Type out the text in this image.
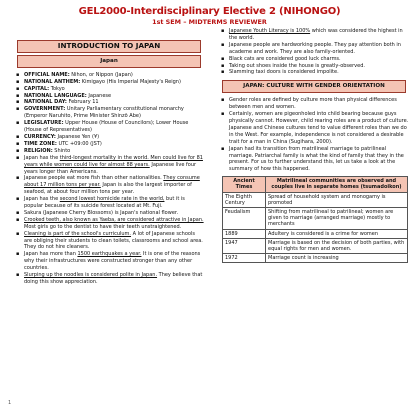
GEL2000-Interdisciplinary Elective 2 (NIHONGO)
1st SEM – MIDTERMS REVIEWER
INTRODUCTION TO JAPAN
Japan
▪ OFFICIAL NAME: Nihon, or Nippon (Japan)
▪ NATIONAL ANTHEM: Kimigayo (His Imperial Majesty's Reign)
▪ CAPITAL: Tokyo
▪ NATIONAL LANGUAGE: Japanese
▪ NATIONAL DAY: February 11
▪ GOVERNMENT: Unitary Parliamentary constitutional monarchy (Emperor Naruhito, Prime Minister Shinzō Abe)
▪ LEGISLATURE: Upper House (House of Councilors); Lower House (House of Representatives)
▪ CURRENCY: Japanese Yen (¥)
▪ TIME ZONE: UTC +09:00 (JST)
▪ RELIGION: Shinto
▪ Japan has the third-longest mortality in the world. Men could live for 81 years while women could live for almost 88 years. Japanese live four years longer than Americans.
▪ Japanese people eat more fish than other nationalities. They consume about 17 million tons per year. Japan is also the largest importer of seafood, at about four million tons per year.
▪ Japan has the second lowest homicide rate in the world, but it is popular because of its suicide forest located at Mt. Fuji.
▪ Sakura (Japanese Cherry Blossoms) is Japan's national flower.
▪ Crooked teeth, also known as Yaeba, are considered attractive in Japan. Most girls go to the dentist to have their teeth unstraightened.
▪ Cleaning is part of the school's curriculum. A lot of Japanese schools are obliging their students to clean toilets, classrooms and school area. They do not hire cleaners.
▪ Japan has more than 1500 earthquakes a year. It is one of the reasons why their infrastructures were constructed stronger than any other countries.
▪ Slurping up the noodles is considered polite in Japan. They believe that doing this show appreciation.
▪ Japanese Youth Literacy is 100% which was considered the highest in the world.
▪ Japanese people are hardworking people. They pay attention both in academe and work. They are also family-oriented.
▪ Black cats are considered good luck charms.
▪ Taking out shoes inside the house is greatly-observed.
▪ Slamming taxi doors is considered impolite.
JAPAN: CULTURE WITH GENDER ORIENTATION
▪ Gender roles are defined by culture more than physical differences between men and women.
▪ Certainly, women are pigeonholed into child bearing because guys physically cannot. However, child rearing roles are a product of culture. Japanese and Chinese cultures tend to value different roles than we do in the West. For example, independence is not considered a desirable trait for a man in China (Sugihara, 2000).
▪ Japan had its transition from matrilineal marriage to patrilineal marriage. Patriarchal family is what the kind of family that they in the present. For us to further understand this, let us take a look at the summary of how this happened.
Ancient Times	Matrilineal communities are observed and couples live in separate homes (tsumadoikon)
The Eighth Century	Spread of household system and monogamy is promoted
Feudalism	Shifting from matrilineal to patrilineal; women are given to marriage (arranged marriage) mostly to merchants
1889	Adultery is considered is a crime for women
1947	Marriage is based on the decision of both parties, with equal rights for men and women.
1972	Marriage count is increasing
1
